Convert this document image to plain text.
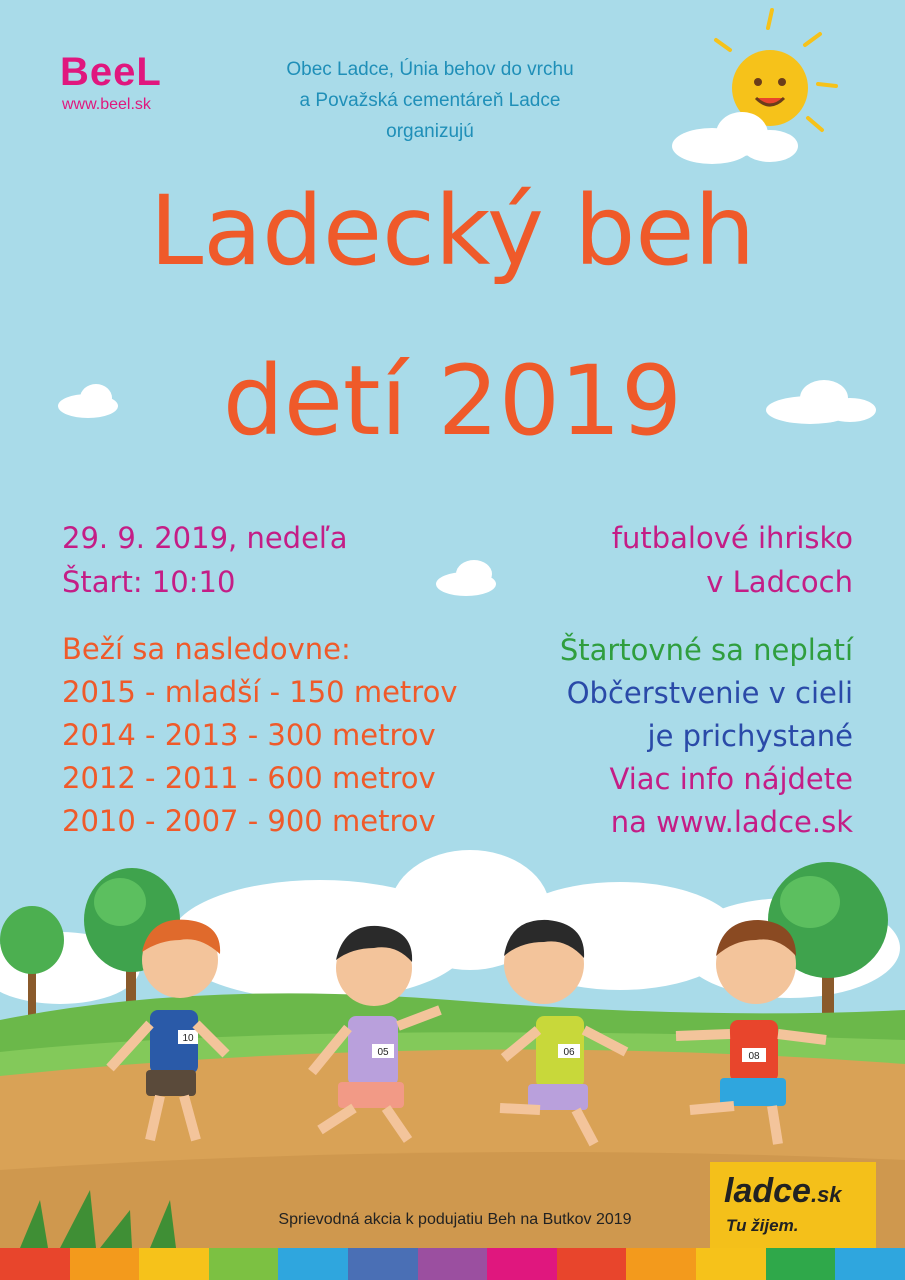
BeeL
www.beel.sk
Obec Ladce, Únia behov do vrchu
a Považská cementáreň Ladce
organizujú
Ladecký beh
detí 2019
29. 9. 2019, nedeľa
Štart: 10:10
futbalové ihrisko
v Ladcoch
Beží sa nasledovne:
2015 - mladší - 150 metrov
2014 - 2013 - 300 metrov
2012 - 2011 - 600 metrov
2010 - 2007 - 900 metrov
Štartovné sa neplatí
Občerstvenie v cieli
je prichystané
Viac info nájdete
na www.ladce.sk
10
05	06	08
Sprievodná akcia k podujatiu Beh na Butkov 2019
ladce.sk
Tu žijem.
